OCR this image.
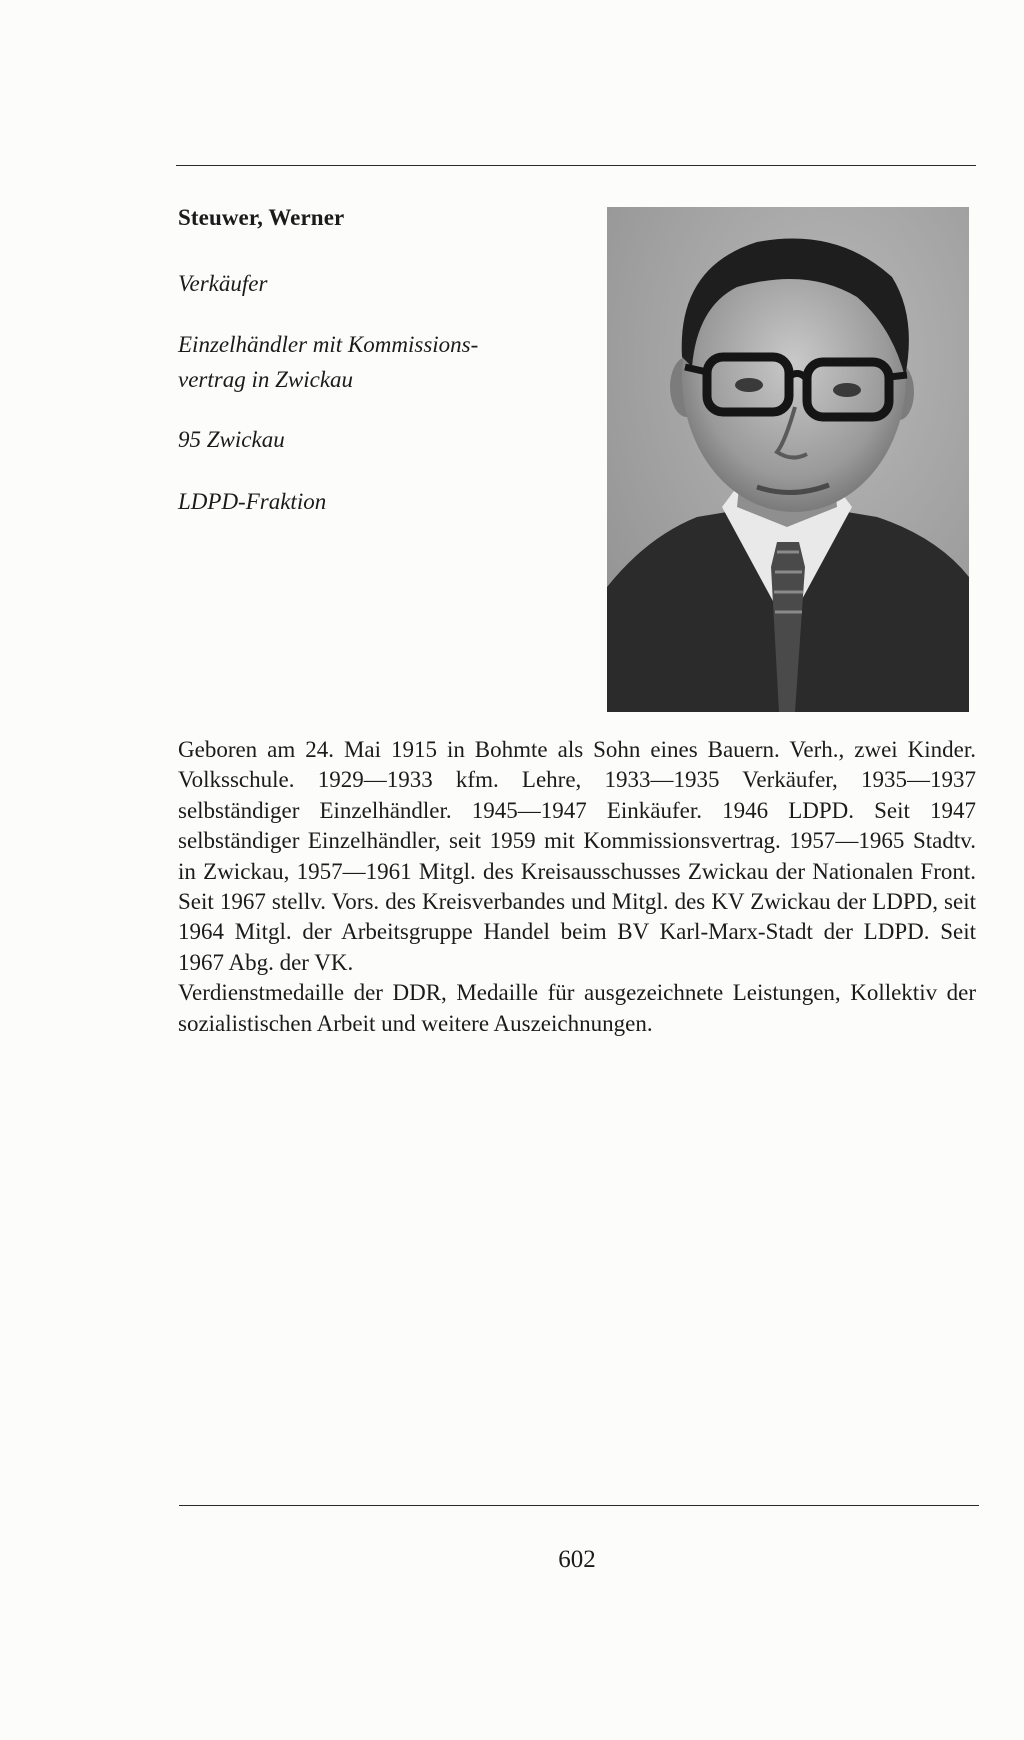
Steuwer, Werner
Verkäufer
Einzelhändler mit Kommissions-
vertrag in Zwickau
95 Zwickau
LDPD-Fraktion

Geboren am 24. Mai 1915 in Bohmte als Sohn eines Bauern. Verh., zwei Kinder. Volksschule. 1929—1933 kfm. Lehre, 1933—1935 Verkäufer, 1935—1937 selbständiger Einzelhändler. 1945—1947 Einkäufer. 1946 LDPD. Seit 1947 selbständiger Einzelhändler, seit 1959 mit Kommissionsvertrag. 1957—1965 Stadtv. in Zwickau, 1957—1961 Mitgl. des Kreisausschusses Zwickau der Nationalen Front. Seit 1967 stellv. Vors. des Kreisverbandes und Mitgl. des KV Zwickau der LDPD, seit 1964 Mitgl. der Arbeitsgruppe Handel beim BV Karl-Marx-Stadt der LDPD. Seit 1967 Abg. der VK.

Verdienstmedaille der DDR, Medaille für ausgezeichnete Leistungen, Kollektiv der sozialistischen Arbeit und weitere Auszeichnungen.

602
